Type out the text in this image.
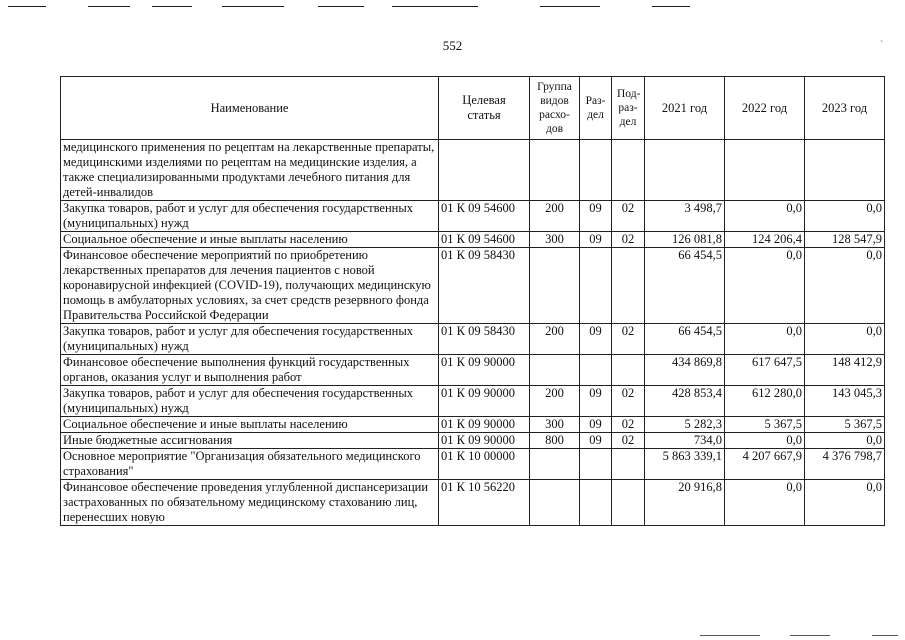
`
552
Наименование	Целевая статья	Группа видов расхо-дов	Раз-дел	Под-раз-дел	2021 год	2022 год	2023 год
медицинского применения по рецептам на лекарственные препараты, медицинскими изделиями по рецептам на медицинские изделия, а также специализированными продуктами лечебного питания для детей-инвалидов							
Закупка товаров, работ и услуг для обеспечения государственных (муниципальных) нужд	01 К 09 54600	200	09	02	3 498,7	0,0	0,0
Социальное обеспечение и иные выплаты населению	01 К 09 54600	300	09	02	126 081,8	124 206,4	128 547,9
Финансовое обеспечение мероприятий по приобретению лекарственных препаратов для лечения пациентов с новой коронавирусной инфекцией (COVID-19), получающих медицинскую помощь в амбулаторных условиях, за счет средств резервного фонда Правительства Российской Федерации	01 К 09 58430				66 454,5	0,0	0,0
Закупка товаров, работ и услуг для обеспечения государственных (муниципальных) нужд	01 К 09 58430	200	09	02	66 454,5	0,0	0,0
Финансовое обеспечение выполнения функций государственных органов, оказания услуг и выполнения работ	01 К 09 90000				434 869,8	617 647,5	148 412,9
Закупка товаров, работ и услуг для обеспечения государственных (муниципальных) нужд	01 К 09 90000	200	09	02	428 853,4	612 280,0	143 045,3
Социальное обеспечение и иные выплаты населению	01 К 09 90000	300	09	02	5 282,3	5 367,5	5 367,5
Иные бюджетные ассигнования	01 К 09 90000	800	09	02	734,0	0,0	0,0
Основное мероприятие "Организация обязательного медицинского страхования"	01 К 10 00000				5 863 339,1	4 207 667,9	4 376 798,7
Финансовое обеспечение проведения углубленной диспансеризации застрахованных по обязательному медицинскому стахованию лиц, перенесших новую	01 К 10 56220				20 916,8	0,0	0,0
